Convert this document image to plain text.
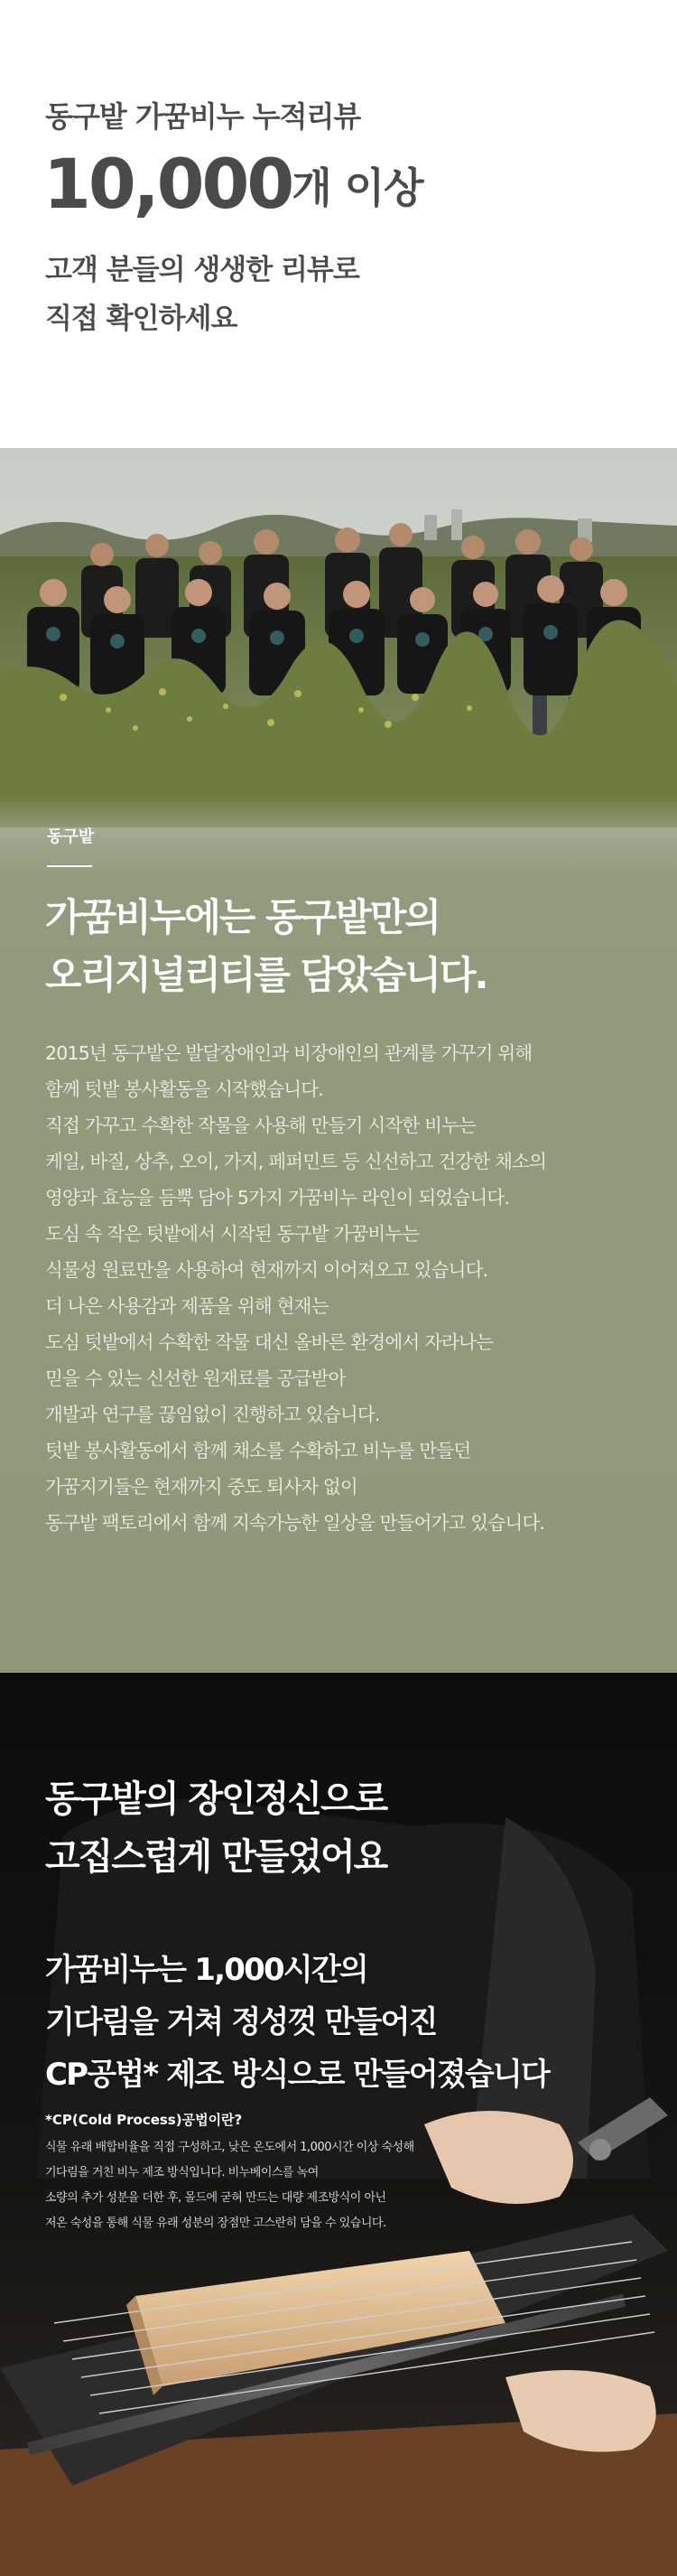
동구밭 가꿈비누 누적리뷰
10,000개 이상
고객 분들의 생생한 리뷰로
직접 확인하세요
동구밭
가꿈비누에는 동구밭만의
오리지널리티를 담았습니다.
2015년 동구밭은 발달장애인과 비장애인의 관계를 가꾸기 위해
함께 텃밭 봉사활동을 시작했습니다.
직접 가꾸고 수확한 작물을 사용해 만들기 시작한 비누는
케일, 바질, 상추, 오이, 가지, 페퍼민트 등 신선하고 건강한 채소의
영양과 효능을 듬뿍 담아 5가지 가꿈비누 라인이 되었습니다.
도심 속 작은 텃밭에서 시작된 동구밭 가꿈비누는
식물성 원료만을 사용하여 현재까지 이어져오고 있습니다.
더 나은 사용감과 제품을 위해 현재는
도심 텃밭에서 수확한 작물 대신 올바른 환경에서 자라나는
믿을 수 있는 신선한 원재료를 공급받아
개발과 연구를 끊임없이 진행하고 있습니다.
텃밭 봉사활동에서 함께 채소를 수확하고 비누를 만들던
가꿈지기들은 현재까지 중도 퇴사자 없이
동구밭 팩토리에서 함께 지속가능한 일상을 만들어가고 있습니다.
동구밭의 장인정신으로
고집스럽게 만들었어요
가꿈비누는 1,000시간의
기다림을 거쳐 정성껏 만들어진
CP공법* 제조 방식으로 만들어졌습니다
*CP(Cold Process)공법이란?
식물 유래 배합비율을 직접 구성하고, 낮은 온도에서 1,000시간 이상 숙성해
기다림을 거친 비누 제조 방식입니다. 비누베이스를 녹여
소량의 추가 성분을 더한 후, 몰드에 굳혀 만드는 대량 제조방식이 아닌
저온 숙성을 통해 식물 유래 성분의 장점만 고스란히 담을 수 있습니다.
